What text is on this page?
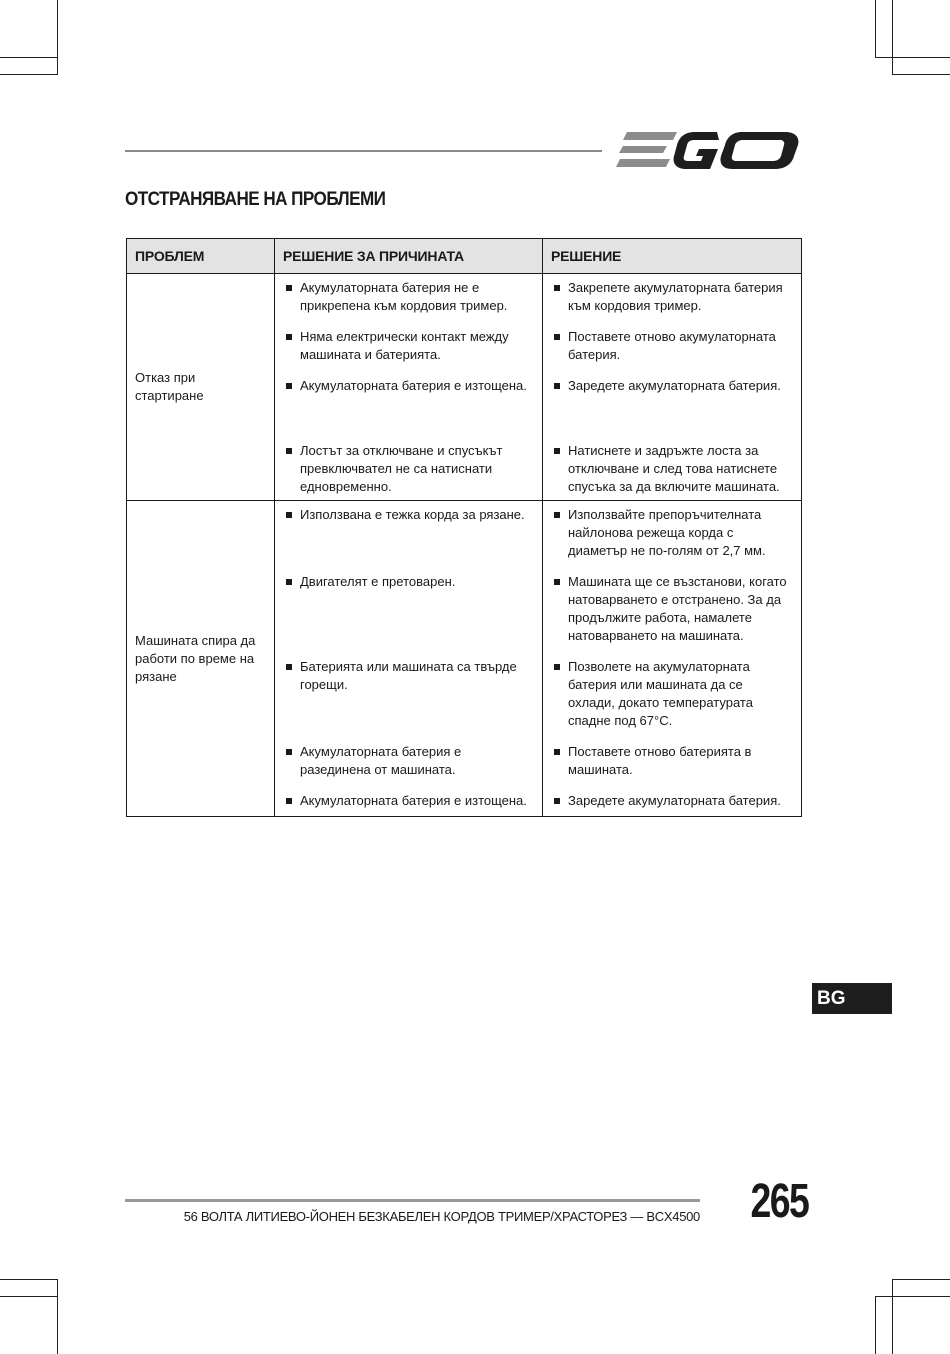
ОТСТРАНЯВАНЕ НА ПРОБЛЕМИ
ПРОБЛЕМ	РЕШЕНИЕ ЗА ПРИЧИНАТА	РЕШЕНИЕ
Отказ при стартиране	Акумулаторната батерия не е прикрепена към кордовия тример.	Закрепете акумулаторната батерия към кордовия тример.

Няма електрически контакт между машината и батерията.	Поставете отново акумулаторната батерия.

Акумулаторната батерия е изтощена.	Заредете акумулаторната батерия.

Лостът за отключване и спусъкът превключвател не са натиснати едновременно.	Натиснете и задръжте лоста за отключване и след това натиснете спусъка за да включите машината.

Машината спира да работи по време на рязане	Използвана е тежка корда за рязане.	Използвайте препоръчителната найлонова режеща корда с диаметър не по-голям от 2,7 мм.

Двигателят е претоварен.	Машината ще се възстанови, когато натоварването е отстранено. За да продължите работа, намалете натоварването на машината.

Батерията или машината са твърде горещи.	Позволете на акумулаторната батерия или машината да се охлади, докато температурата спадне под 67°C.

Акумулаторната батерия е разединена от машината.	Поставете отново батерията в машината.

Акумулаторната батерия е изтощена.	Заредете акумулаторната батерия.
BG
56 ВОЛТА ЛИТИЕВО-ЙОНЕН БЕЗКАБЕЛЕН КОРДОВ ТРИМЕР/ХРАСТОРЕЗ — BCX4500 265
